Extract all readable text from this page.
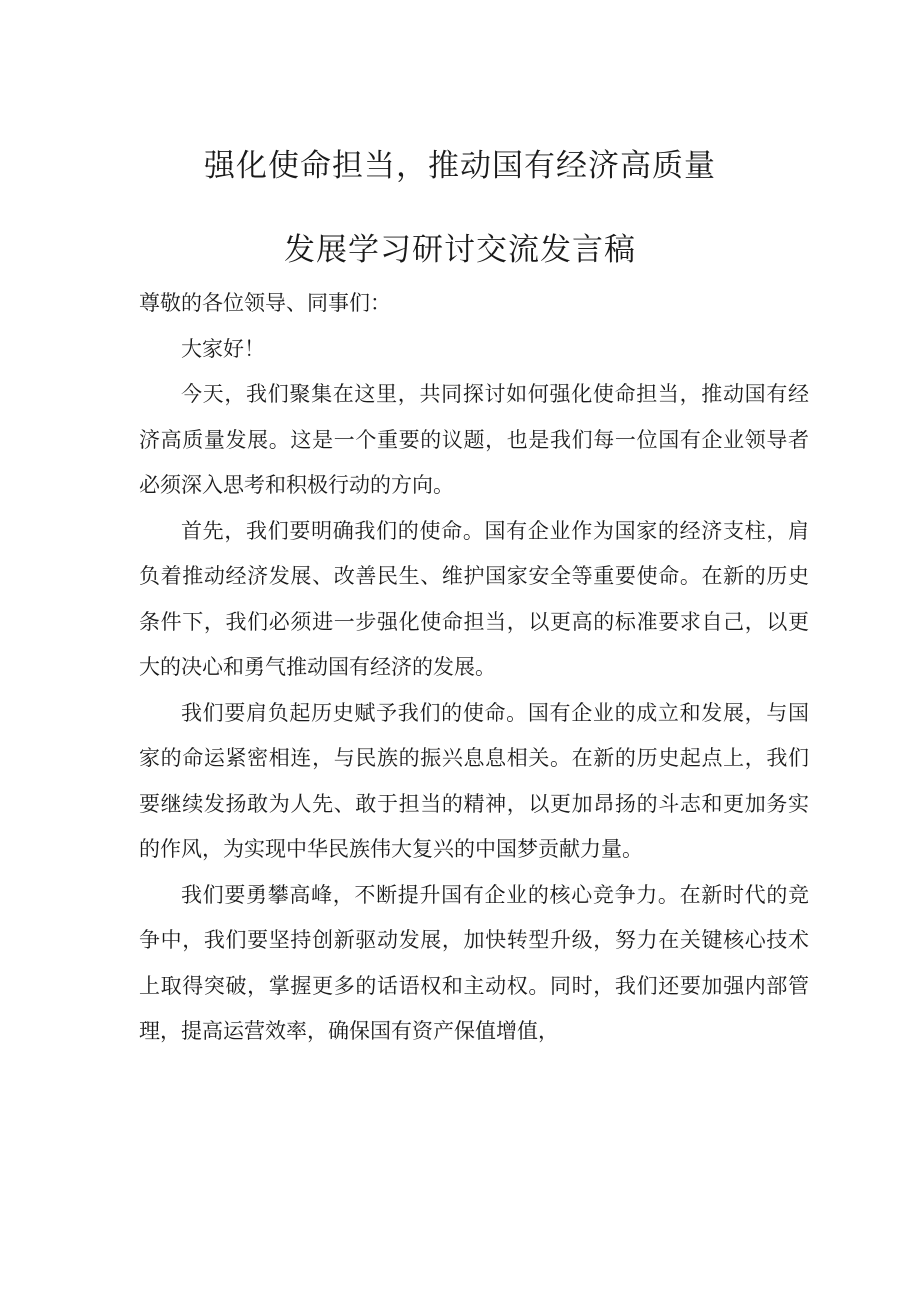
强化使命担当，推动国有经济高质量
发展学习研讨交流发言稿

尊敬的各位领导、同事们：

大家好！

今天，我们聚集在这里，共同探讨如何强化使命担当，推动国有经济高质量发展。这是一个重要的议题，也是我们每一位国有企业领导者必须深入思考和积极行动的方向。

首先，我们要明确我们的使命。国有企业作为国家的经济支柱，肩负着推动经济发展、改善民生、维护国家安全等重要使命。在新的历史条件下，我们必须进一步强化使命担当，以更高的标准要求自己，以更大的决心和勇气推动国有经济的发展。

我们要肩负起历史赋予我们的使命。国有企业的成立和发展，与国家的命运紧密相连，与民族的振兴息息相关。在新的历史起点上，我们要继续发扬敢为人先、敢于担当的精神，以更加昂扬的斗志和更加务实的作风，为实现中华民族伟大复兴的中国梦贡献力量。

我们要勇攀高峰，不断提升国有企业的核心竞争力。在新时代的竞争中，我们要坚持创新驱动发展，加快转型升级，努力在关键核心技术上取得突破，掌握更多的话语权和主动权。同时，我们还要加强内部管理，提高运营效率，确保国有资产保值增值，
